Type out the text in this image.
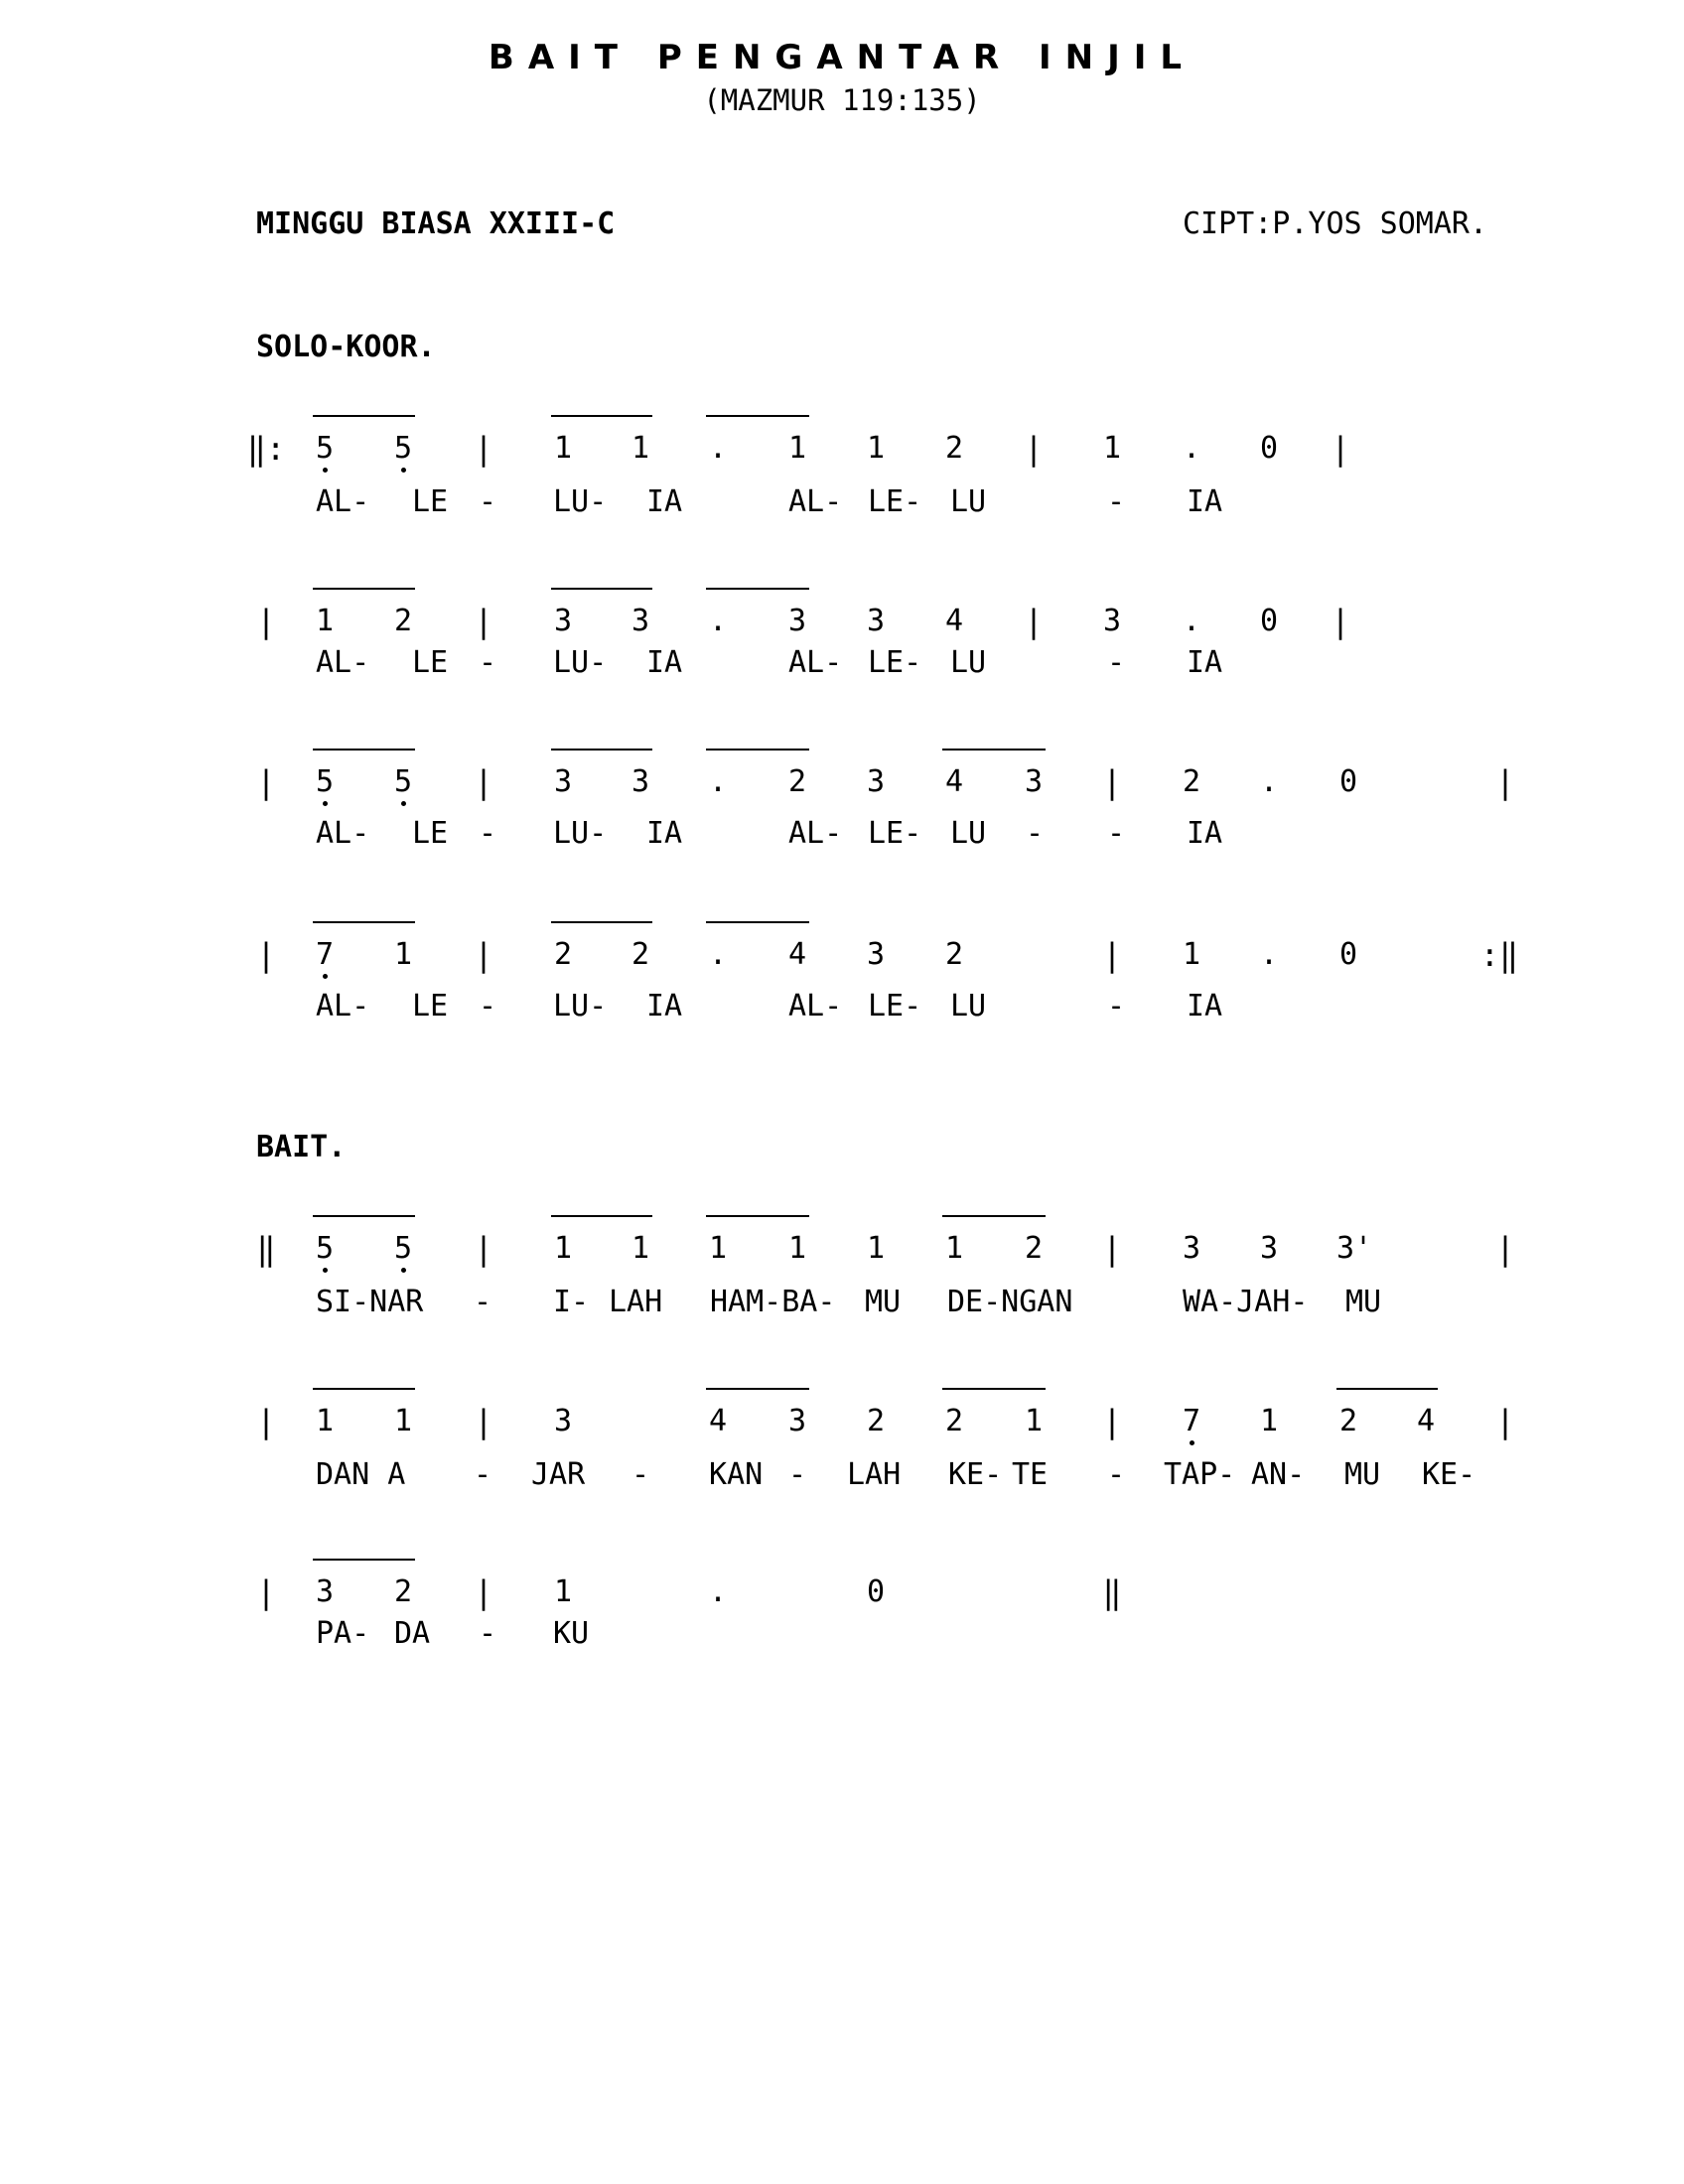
BAIT PENGANTAR INJIL
(MAZMUR 119:135)
MINGGU BIASA XXIII-C	CIPT:P.YOS SOMAR.
SOLO-KOOR.
BAIT.
‖: 5 5 | 1 1 . 1 1 2 | 1 . 0 |
AL- LE - LU- IA	AL- LE- LU	- IA
| 1 2 | 3 3 . 3 3 4 | 3 . 0 |
AL- LE - LU- IA	AL- LE- LU	- IA
| 5 5 | 3 3 . 2 3 4 3 | 2 . 0	|
AL- LE - LU- IA	AL- LE- LU - - IA
| 7 1 | 2 2 . 4 3 2	| 1 . 0	:‖
AL- LE - LU- IA	AL- LE- LU	- IA
‖ 5 5 | 1 1 1 1 1 1 2 | 3 3 3'	|
SI-NAR - I- LAH HAM-BA- MU DE-NGAN	WA-JAH- MU
| 1 1 | 3	4 3 2 2 1 | 7 1 2 4 |
DAN A - JAR - KAN - LAH KE- TE - TAP- AN- MU KE-
| 3 2 | 1	.	0	‖
PA- DA - KU
